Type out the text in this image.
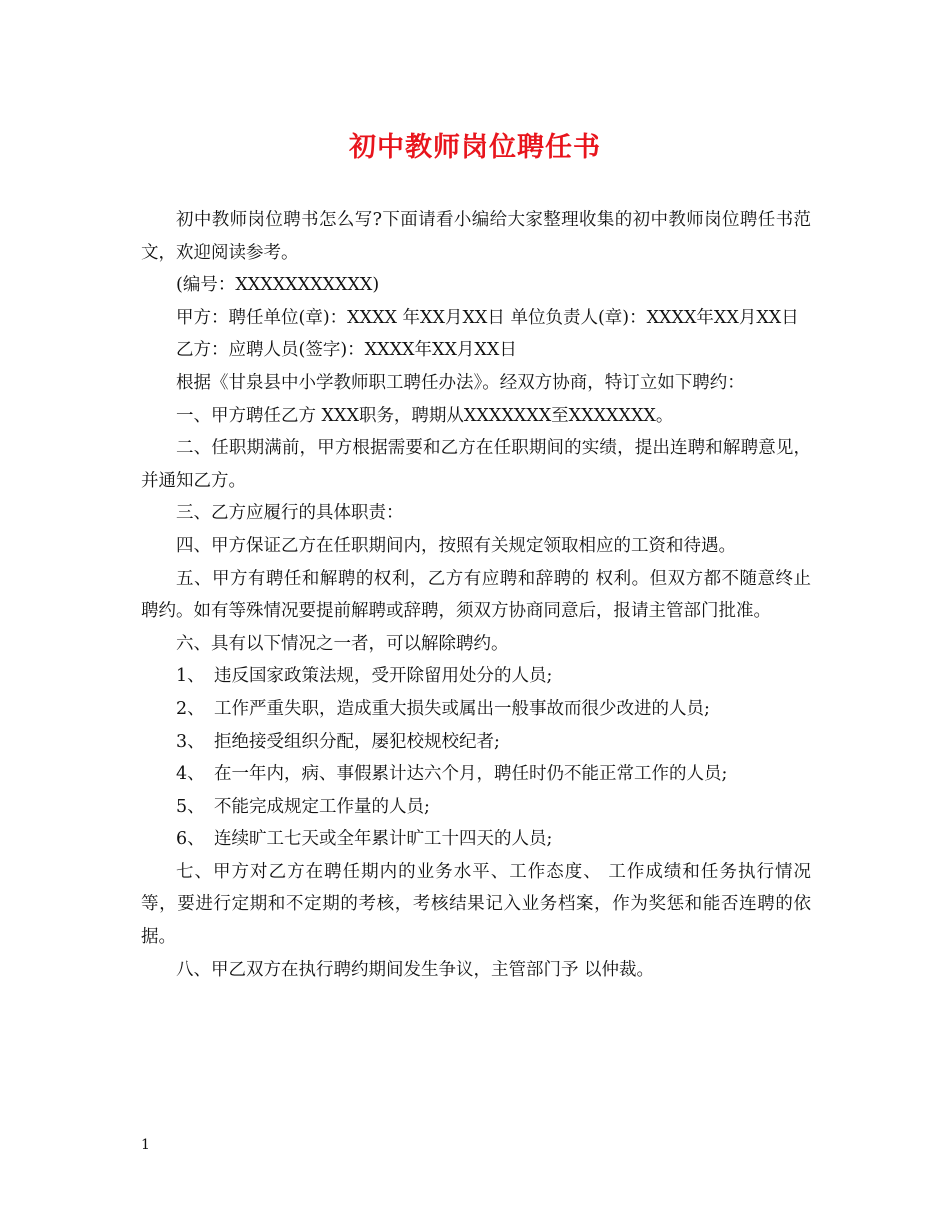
初中教师岗位聘任书

初中教师岗位聘书怎么写?下面请看小编给大家整理收集的初中教师岗位聘任书范文，欢迎阅读参考。

(编号：XXXXXXXXXXX)

甲方：聘任单位(章)：XXXX 年XX月XX日 单位负责人(章)：XXXX年XX月XX日

乙方：应聘人员(签字)：XXXX年XX月XX日

根据《甘泉县中小学教师职工聘任办法》。经双方协商，特订立如下聘约：

一、甲方聘任乙方 XXX职务，聘期从XXXXXXX至XXXXXXX。

二、任职期满前，甲方根据需要和乙方在任职期间的实绩，提出连聘和解聘意见，并通知乙方。

三、乙方应履行的具体职责：

四、甲方保证乙方在任职期间内，按照有关规定领取相应的工资和待遇。

五、甲方有聘任和解聘的权利，乙方有应聘和辞聘的 权利。但双方都不随意终止聘约。如有等殊情况要提前解聘或辞聘，须双方协商同意后，报请主管部门批准。

六、具有以下情况之一者，可以解除聘约。

1、 违反国家政策法规，受开除留用处分的人员;
2、 工作严重失职，造成重大损失或属出一般事故而很少改进的人员;
3、 拒绝接受组织分配，屡犯校规校纪者;
4、 在一年内，病、事假累计达六个月，聘任时仍不能正常工作的人员;
5、 不能完成规定工作量的人员;
6、 连续旷工七天或全年累计旷工十四天的人员;

七、甲方对乙方在聘任期内的业务水平、工作态度、 工作成绩和任务执行情况等，要进行定期和不定期的考核，考核结果记入业务档案，作为奖惩和能否连聘的依据。

八、甲乙双方在执行聘约期间发生争议，主管部门予 以仲裁。

1
